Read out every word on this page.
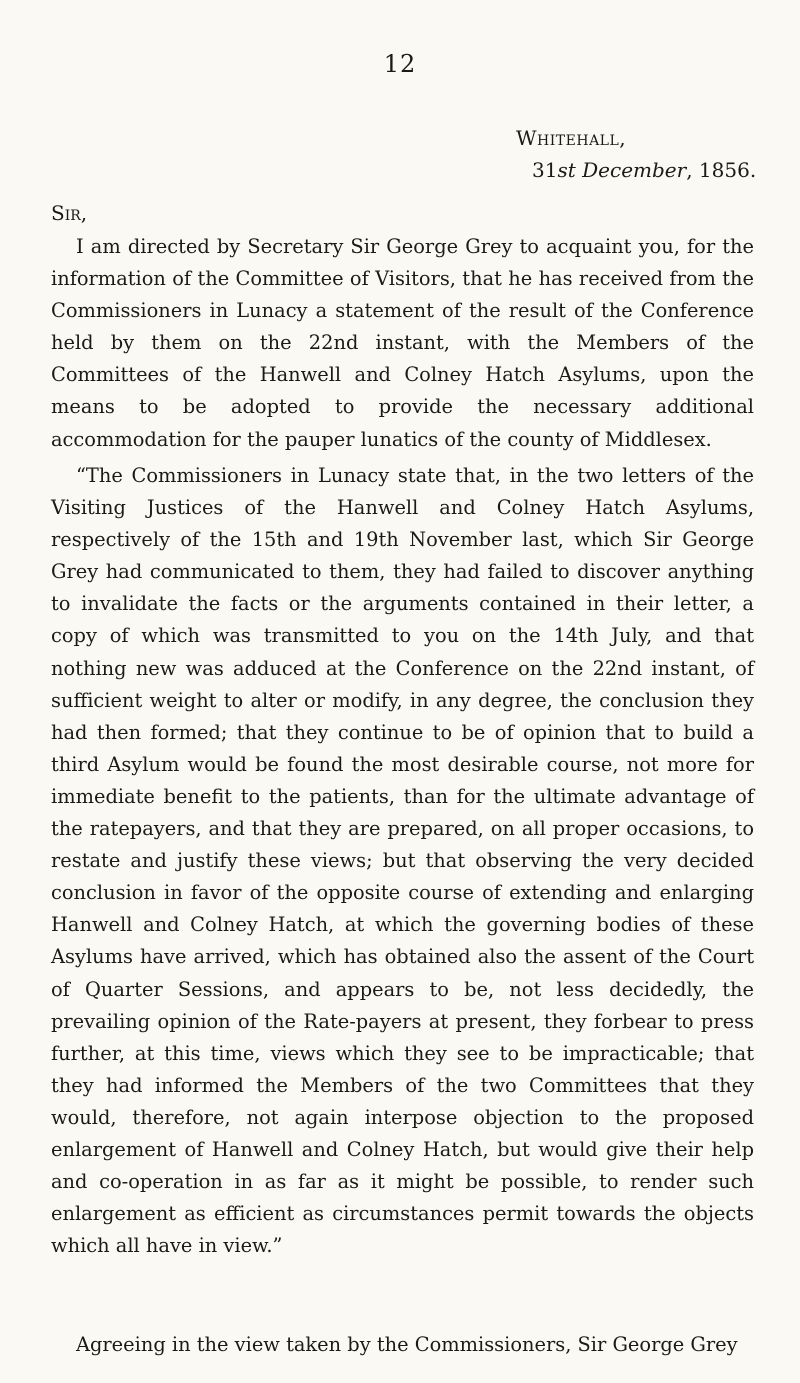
12
Whitehall,
31st December, 1856.
Sir,

I am directed by Secretary Sir George Grey to acquaint you, for the information of the Committee of Visitors, that he has received from the Commissioners in Lunacy a statement of the result of the Conference held by them on the 22nd instant, with the Members of the Committees of the Hanwell and Colney Hatch Asylums, upon the means to be adopted to provide the necessary additional accommodation for the pauper lunatics of the county of Middlesex.

“The Commissioners in Lunacy state that, in the two letters of the Visiting Justices of the Hanwell and Colney Hatch Asylums, respectively of the 15th and 19th November last, which Sir George Grey had communicated to them, they had failed to discover anything to invalidate the facts or the arguments contained in their letter, a copy of which was transmitted to you on the 14th July, and that nothing new was adduced at the Conference on the 22nd instant, of sufficient weight to alter or modify, in any degree, the conclusion they had then formed; that they continue to be of opinion that to build a third Asylum would be found the most desirable course, not more for immediate benefit to the patients, than for the ultimate advantage of the ratepayers, and that they are prepared, on all proper occasions, to restate and justify these views; but that observing the very decided conclusion in favor of the opposite course of extending and enlarging Hanwell and Colney Hatch, at which the governing bodies of these Asylums have arrived, which has obtained also the assent of the Court of Quarter Sessions, and appears to be, not less decidedly, the prevailing opinion of the Rate-payers at present, they forbear to press further, at this time, views which they see to be impracticable; that they had informed the Members of the two Committees that they would, therefore, not again interpose objection to the proposed enlargement of Hanwell and Colney Hatch, but would give their help and co-operation in as far as it might be possible, to render such enlargement as efficient as circumstances permit towards the objects which all have in view.”

Agreeing in the view taken by the Commissioners, Sir George Grey
